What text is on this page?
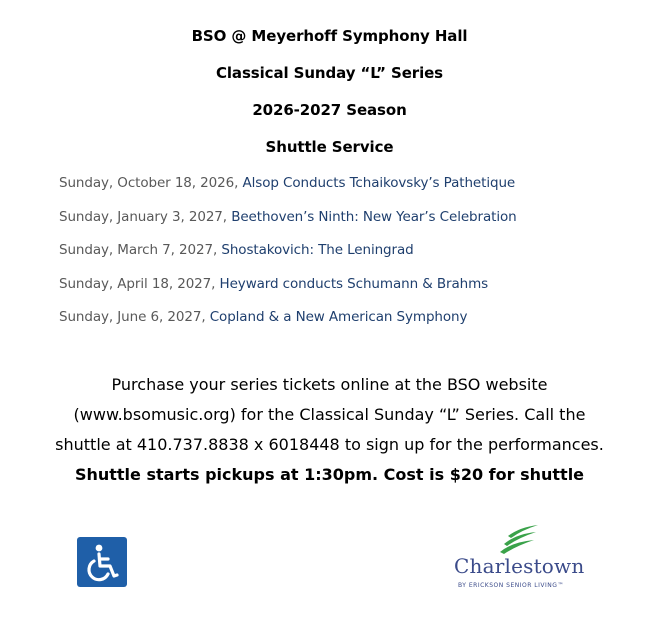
BSO @ Meyerhoff Symphony Hall
Classical Sunday “L” Series
2026-2027 Season
Shuttle Service
Sunday, October 18, 2026, Alsop Conducts Tchaikovsky’s Pathetique
Sunday, January 3, 2027, Beethoven’s Ninth: New Year’s Celebration
Sunday, March 7, 2027, Shostakovich: The Leningrad
Sunday, April 18, 2027, Heyward conducts Schumann & Brahms
Sunday, June 6, 2027, Copland & a New American Symphony
Purchase your series tickets online at the BSO website (www.bsomusic.org) for the Classical Sunday “L” Series. Call the shuttle at 410.737.8838 x 6018448 to sign up for the performances. Shuttle starts pickups at 1:30pm. Cost is $20 for shuttle
Charlestown
BY ERICKSON SENIOR LIVING™
